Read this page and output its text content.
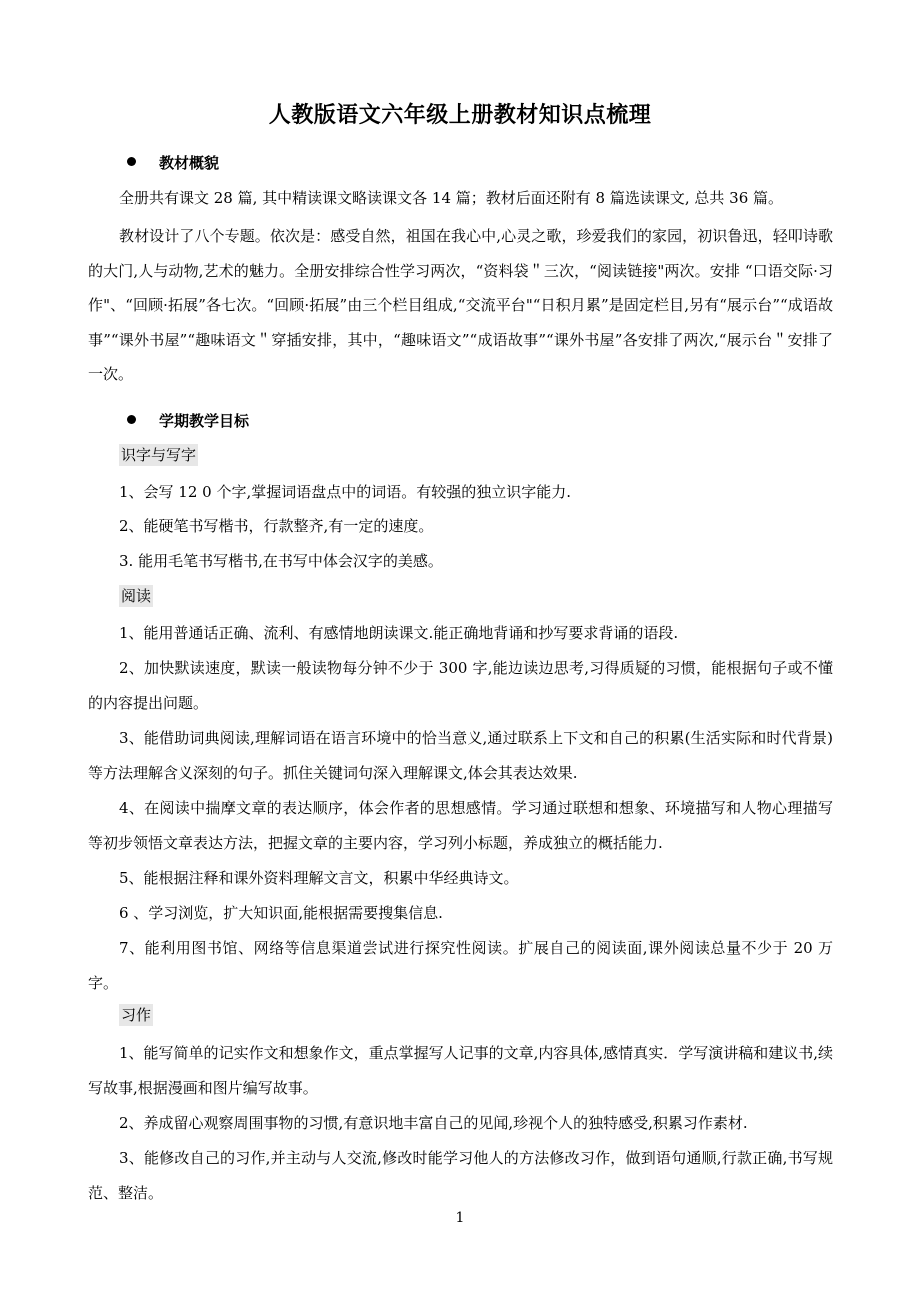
人教版语文六年级上册教材知识点梳理
教材概貌
全册共有课文 28 篇, 其中精读课文略读课文各 14 篇；教材后面还附有 8 篇选读课文, 总共 36 篇。
教材设计了八个专题。依次是：感受自然，祖国在我心中,心灵之歌，珍爱我们的家园，初识鲁迅，轻叩诗歌的大门,人与动物,艺术的魅力。全册安排综合性学习两次，“资料袋＂三次，“阅读链接"两次。安排 “口语交际·习作"、“回顾·拓展”各七次。“回顾·拓展”由三个栏目组成,“交流平台"“日积月累”是固定栏目,另有“展示台”“成语故事”“课外书屋”“趣味语文＂穿插安排，其中，“趣味语文”“成语故事”“课外书屋”各安排了两次,“展示台＂安排了一次。
学期教学目标
识字与写字
1、会写 12 0 个字,掌握词语盘点中的词语。有较强的独立识字能力.
2、能硬笔书写楷书，行款整齐,有一定的速度。
3. 能用毛笔书写楷书,在书写中体会汉字的美感。
阅读
1、能用普通话正确、流利、有感情地朗读课文.能正确地背诵和抄写要求背诵的语段.
2、加快默读速度，默读一般读物每分钟不少于 300 字,能边读边思考,习得质疑的习惯，能根据句子或不懂的内容提出问题。
3、能借助词典阅读,理解词语在语言环境中的恰当意义,通过联系上下文和自己的积累(生活实际和时代背景)等方法理解含义深刻的句子。抓住关键词句深入理解课文,体会其表达效果.
4、在阅读中揣摩文章的表达顺序，体会作者的思想感情。学习通过联想和想象、环境描写和人物心理描写等初步领悟文章表达方法，把握文章的主要内容，学习列小标题，养成独立的概括能力.
5、能根据注释和课外资料理解文言文，积累中华经典诗文。
6 、学习浏览，扩大知识面,能根据需要搜集信息.
7、能利用图书馆、网络等信息渠道尝试进行探究性阅读。扩展自己的阅读面,课外阅读总量不少于 20 万字。
习作
1、能写简单的记实作文和想象作文，重点掌握写人记事的文章,内容具体,感情真实．学写演讲稿和建议书,续写故事,根据漫画和图片编写故事。
2、养成留心观察周围事物的习惯,有意识地丰富自己的见闻,珍视个人的独特感受,积累习作素材.
3、能修改自己的习作,并主动与人交流,修改时能学习他人的方法修改习作，做到语句通顺,行款正确,书写规范、整洁。
1
